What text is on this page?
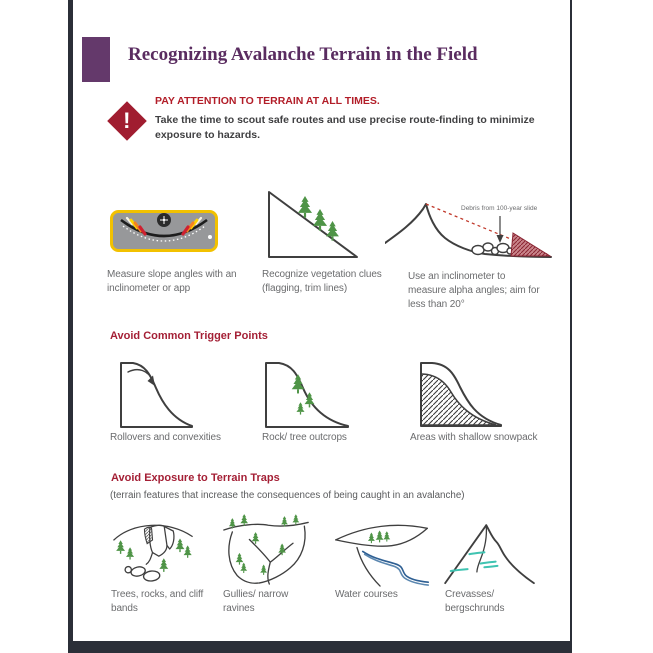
Recognizing Avalanche Terrain in the Field
!
PAY ATTENTION TO TERRAIN AT ALL TIMES.
Take the time to scout safe routes and use precise route-finding to minimize exposure to hazards.
Debris from 100-year slide
Measure slope angles with an inclinometer or app
Recognize vegetation clues (flagging, trim lines)
Use an inclinometer to measure alpha angles; aim for less than 20°
Avoid Common Trigger Points
Rollovers and convexities	Rock/ tree outcrops	Areas with shallow snowpack
Avoid Exposure to Terrain Traps
(terrain features that increase the consequences of being caught in an avalanche)
Trees, rocks, and cliff bands
Gullies/ narrow ravines
Water courses	Crevasses/ bergschrunds
